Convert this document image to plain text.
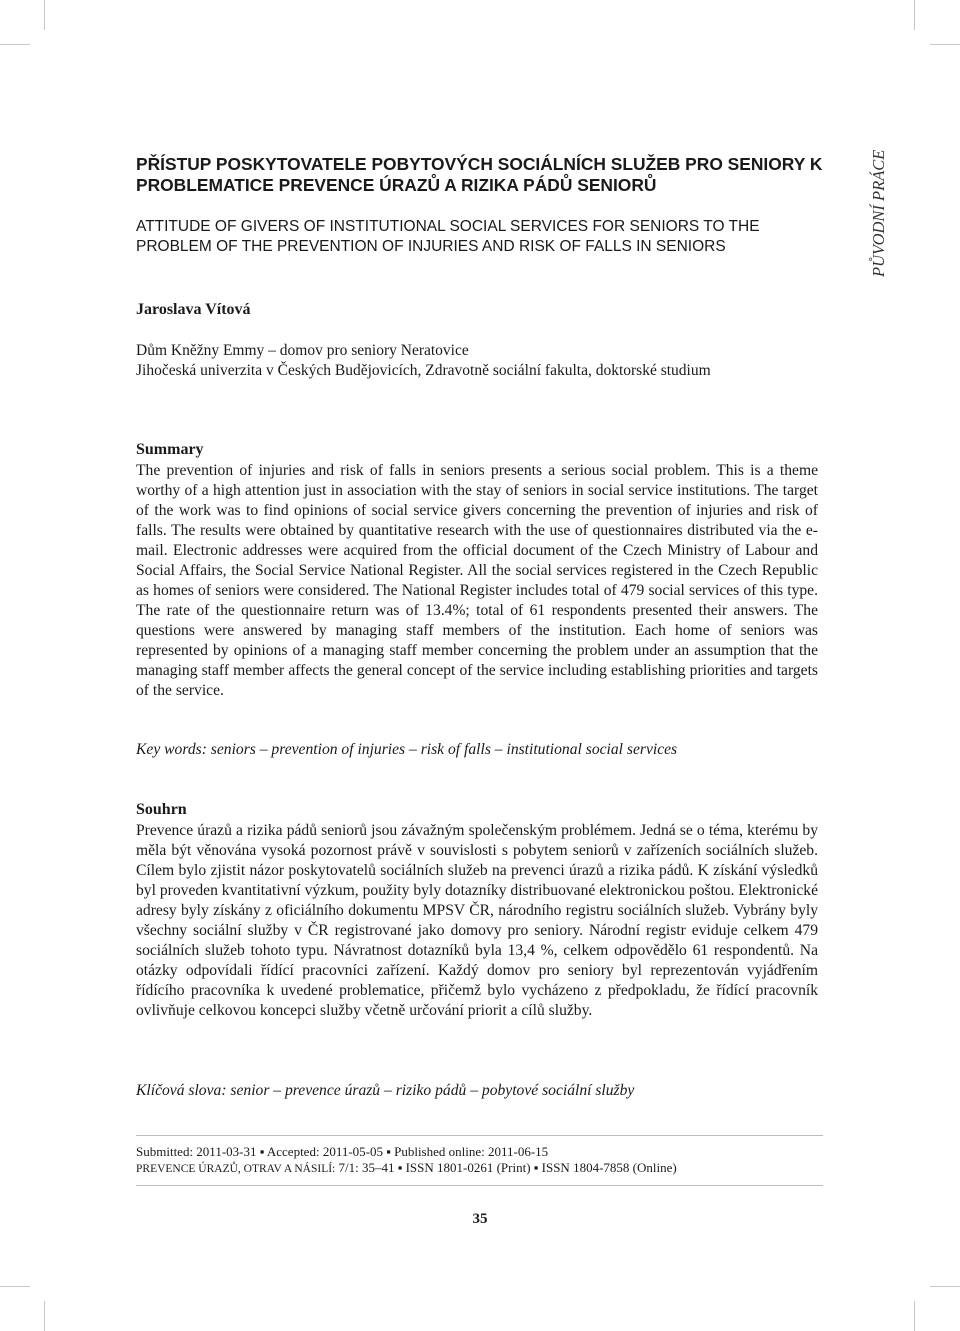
PŮVODNÍ PRÁCE
PŘÍSTUP POSKYTOVATELE POBYTOVÝCH SOCIÁLNÍCH SLUŽEB PRO SENIORY K PROBLEMATICE PREVENCE ÚRAZŮ A RIZIKA PÁDŮ SENIORŮ
ATTITUDE OF GIVERS OF INSTITUTIONAL SOCIAL SERVICES FOR SENIORS TO THE PROBLEM OF THE PREVENTION OF INJURIES AND RISK OF FALLS IN SENIORS
Jaroslava Vítová
Dům Kněžny Emmy – domov pro seniory Neratovice
Jihočeská univerzita v Českých Budějovicích, Zdravotně sociální fakulta, doktorské studium
Summary
The prevention of injuries and risk of falls in seniors presents a serious social problem. This is a theme worthy of a high attention just in association with the stay of seniors in social service institutions. The target of the work was to find opinions of social service givers concerning the prevention of injuries and risk of falls. The results were obtained by quantitative research with the use of questionnaires distributed via the e-mail. Electronic addresses were acquired from the official document of the Czech Ministry of Labour and Social Affairs, the Social Service National Register. All the social services registered in the Czech Republic as homes of seniors were considered. The National Register includes total of 479 social services of this type. The rate of the questionnaire return was of 13.4%; total of 61 respondents presented their answers. The questions were answered by managing staff members of the institution. Each home of seniors was represented by opinions of a managing staff member concerning the problem under an assumption that the managing staff member affects the general concept of the service including establishing priorities and targets of the service.
Key words: seniors – prevention of injuries – risk of falls – institutional social services
Souhrn
Prevence úrazů a rizika pádů seniorů jsou závažným společenským problémem. Jedná se o téma, kterému by měla být věnována vysoká pozornost právě v souvislosti s pobytem seniorů v zařízeních sociálních služeb. Cílem bylo zjistit názor poskytovatelů sociálních služeb na prevenci úrazů a rizika pádů. K získání výsledků byl proveden kvantitativní výzkum, použity byly dotazníky distribuované elektronickou poštou. Elektronické adresy byly získány z oficiálního dokumentu MPSV ČR, národního registru sociálních služeb. Vybrány byly všechny sociální služby v ČR registrované jako domovy pro seniory. Národní registr eviduje celkem 479 sociálních služeb tohoto typu. Návratnost dotazníků byla 13,4 %, celkem odpovědělo 61 respondentů. Na otázky odpovídali řídící pracovníci zařízení. Každý domov pro seniory byl reprezentován vyjádřením řídícího pracovníka k uvedené problematice, přičemž bylo vycházeno z předpokladu, že řídící pracovník ovlivňuje celkovou koncepci služby včetně určování priorit a cílů služby.
Klíčová slova: senior – prevence úrazů – riziko pádů – pobytové sociální služby
Submitted: 2011-03-31 ▪ Accepted: 2011-05-05 ▪ Published online: 2011-06-15
PREVENCE ÚRAZŮ, OTRAV A NÁSILÍ: 7/1: 35–41 ▪ ISSN 1801-0261 (Print) ▪ ISSN 1804-7858 (Online)
35
